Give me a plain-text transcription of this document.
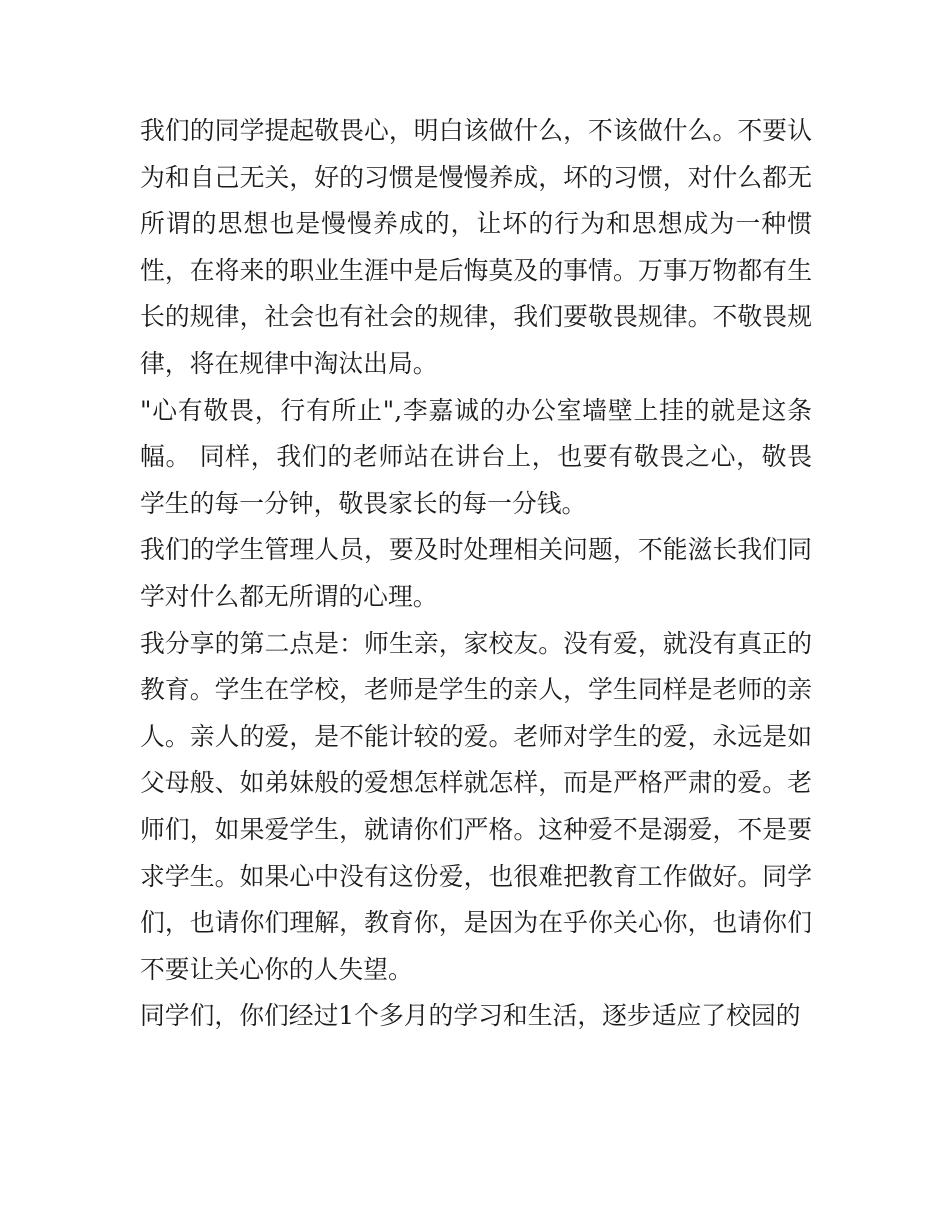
我们的同学提起敬畏心，明白该做什么，不该做什么。不要认为和自己无关，好的习惯是慢慢养成，坏的习惯，对什么都无所谓的思想也是慢慢养成的，让坏的行为和思想成为一种惯性，在将来的职业生涯中是后悔莫及的事情。万事万物都有生长的规律，社会也有社会的规律，我们要敬畏规律。不敬畏规律，将在规律中淘汰出局。

"心有敬畏，行有所止",李嘉诚的办公室墙壁上挂的就是这条幅。 同样，我们的老师站在讲台上，也要有敬畏之心，敬畏学生的每一分钟，敬畏家长的每一分钱。

我们的学生管理人员，要及时处理相关问题，不能滋长我们同学对什么都无所谓的心理。

我分享的第二点是：师生亲，家校友。没有爱，就没有真正的教育。学生在学校，老师是学生的亲人，学生同样是老师的亲人。亲人的爱，是不能计较的爱。老师对学生的爱，永远是如父母般、如弟妹般的爱想怎样就怎样，而是严格严肃的爱。老师们，如果爱学生，就请你们严格。这种爱不是溺爱，不是要求学生。如果心中没有这份爱，也很难把教育工作做好。同学们，也请你们理解，教育你，是因为在乎你关心你，也请你们不要让关心你的人失望。

同学们，你们经过1个多月的学习和生活，逐步适应了校园的
